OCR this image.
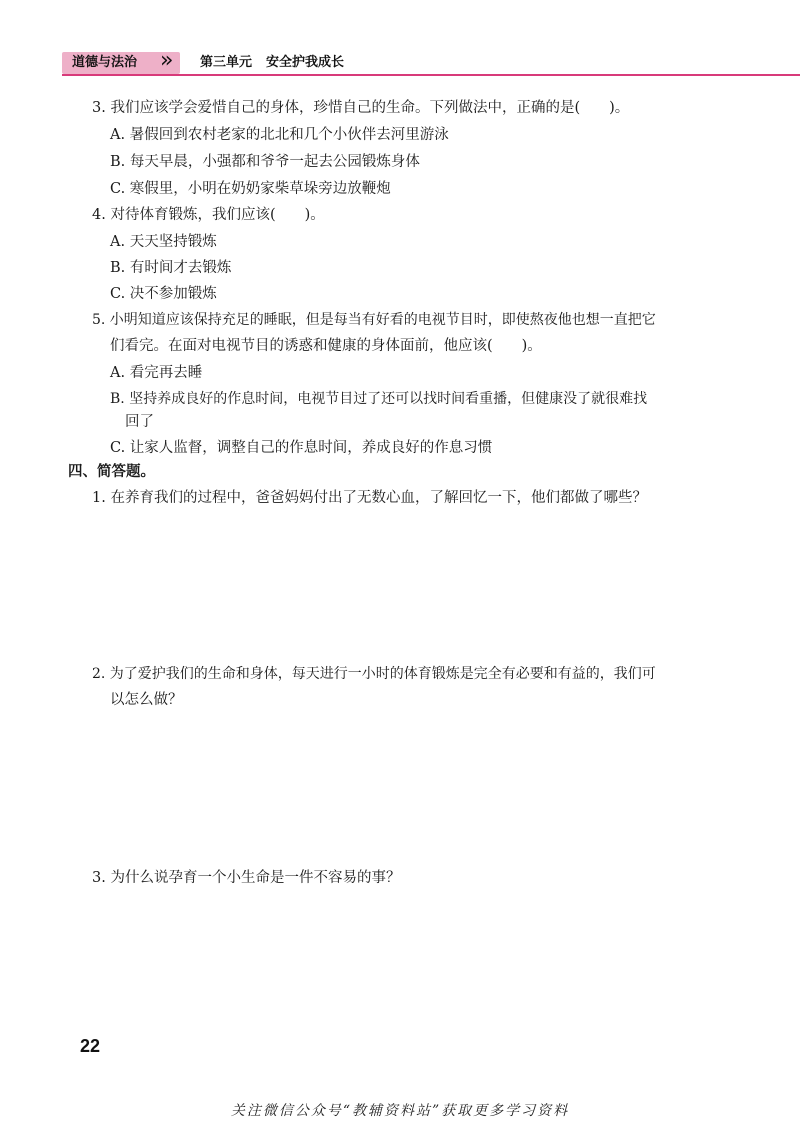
道德与法治	»	第三单元 安全护我成长
3. 我们应该学会爱惜自己的身体，珍惜自己的生命。下列做法中，正确的是(　　)。
A. 暑假回到农村老家的北北和几个小伙伴去河里游泳
B. 每天早晨，小强都和爷爷一起去公园锻炼身体
C. 寒假里，小明在奶奶家柴草垛旁边放鞭炮
4. 对待体育锻炼，我们应该(　　)。
A. 天天坚持锻炼
B. 有时间才去锻炼
C. 决不参加锻炼
5. 小明知道应该保持充足的睡眠，但是每当有好看的电视节目时，即使熬夜他也想一直把它
们看完。在面对电视节目的诱惑和健康的身体面前，他应该(　　)。
A. 看完再去睡
B. 坚持养成良好的作息时间，电视节目过了还可以找时间看重播，但健康没了就很难找
回了
C. 让家人监督，调整自己的作息时间，养成良好的作息习惯
四、简答题。
1. 在养育我们的过程中，爸爸妈妈付出了无数心血，了解回忆一下，他们都做了哪些？
2. 为了爱护我们的生命和身体，每天进行一小时的体育锻炼是完全有必要和有益的，我们可
以怎么做？
3. 为什么说孕育一个小生命是一件不容易的事？
22
关注微信公众号“教辅资料站”获取更多学习资料
